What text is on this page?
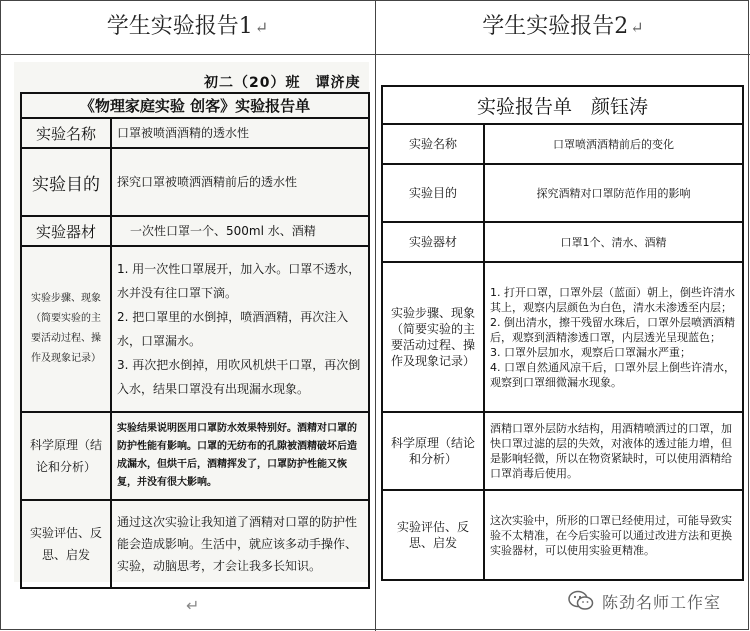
学生实验报告1 ↵	学生实验报告2 ↵
初二（20）班　谭济庚
《物理家庭实验 创客》实验报告单	
实验名称	口罩被喷酒酒精的透水性
实验目的	探究口罩被喷洒酒精前后的透水性
实验器材	一次性口罩一个、500ml 水、酒精
实验步骤、现象（简要实验的主要活动过程、操作及现象记录）	1. 用一次性口罩展开，加入水。口罩不透水，水并没有往口罩下滴。
2. 把口罩里的水倒掉，喷酒酒精，再次注入水，口罩漏水。
3. 再次把水倒掉，用吹风机烘干口罩，再次倒入水，结果口罩没有出现漏水现象。

科学原理（结论和分析）	实验结果说明医用口罩防水效果特别好。酒精对口罩的防护性能有影响。口罩的无纺布的孔隙被酒精破坏后造成漏水，但烘干后，酒精挥发了，口罩防护性能又恢复，并没有很大影响。
实验评估、反思、启发	通过这次实验让我知道了酒精对口罩的防护性能会造成影响。生活中，就应该多动手操作、实验，动脑思考，才会让我多长知识。
↵
实验报告单　颜钰涛	
实验名称	口罩喷洒酒精前后的变化
实验目的	探究酒精对口罩防范作用的影响
实验器材	口罩1个、清水、酒精
实验步骤、现象（简要实验的主要活动过程、操作及现象记录）	1. 打开口罩，口罩外层（蓝面）朝上，倒些许清水其上，观察内层颜色为白色，清水未渗透至内层；
2. 倒出清水，擦干残留水珠后，口罩外层喷洒酒精后，观察到酒精渗透口罩，内层透光呈现蓝色；
3. 口罩外层加水，观察后口罩漏水严重；
4. 口罩自然通风凉干后，口罩外层上倒些许清水，观察到口罩细微漏水现象。

科学原理（结论和分析）	酒精口罩外层防水结构，用酒精喷洒过的口罩，加快口罩过滤的层的失效，对液体的透过能力增，但是影响轻微，所以在物资紧缺时，可以使用酒精给口罩消毒后使用。
实验评估、反思、启发	这次实验中，所形的口罩已经使用过，可能导致实验不太精准，在今后实验可以通过改进方法和更换实验器材，可以使用实验更精准。
陈劲名师工作室
